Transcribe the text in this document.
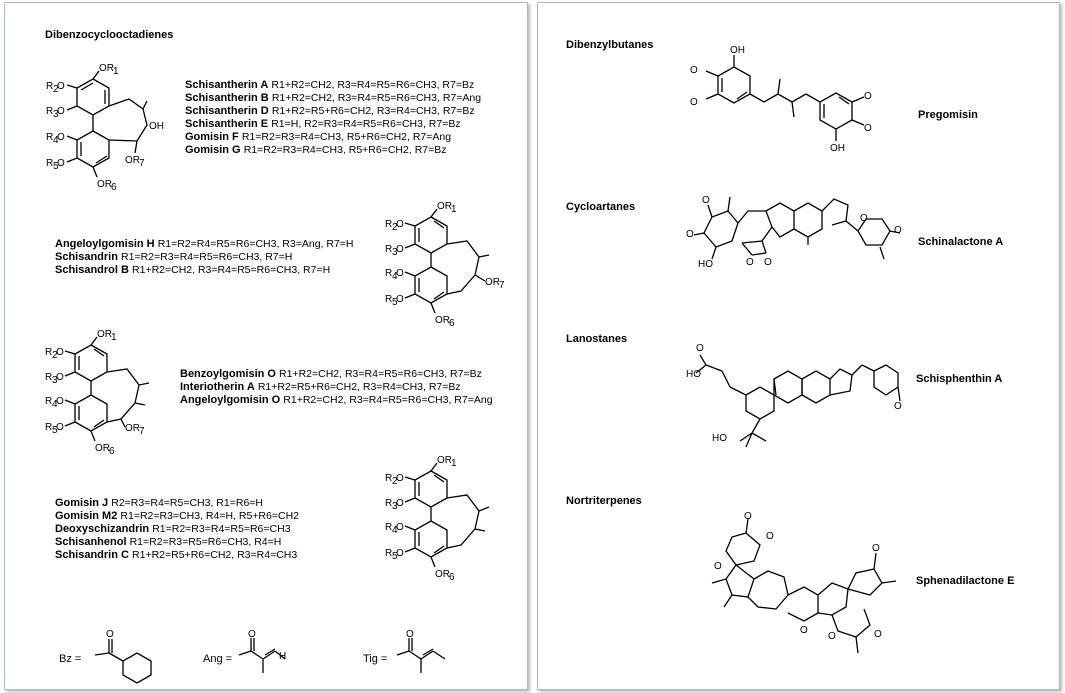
Dibenzocyclooctadienes
OR 1
R 2
O
R 3
O
R 4
O
R 5
O
OR 6
OR 7
OH
Schisantherin A R1+R2=CH2, R3=R4=R5=R6=CH3, R7=Bz
Schisantherin B R1+R2=CH2, R3=R4=R5=R6=CH3, R7=Ang
Schisantherin D R1+R2=R5+R6=CH2, R3=R4=CH3, R7=Bz
Schisantherin E R1=H, R2=R3=R4=R5=R6=CH3, R7=Bz
Gomisin F R1=R2=R3=R4=CH3, R5+R6=CH2, R7=Ang
Gomisin G R1=R2=R3=R4=CH3, R5+R6=CH2, R7=Bz
Angeloylgomisin H R1=R2=R4=R5=R6=CH3, R3=Ang, R7=H
Schisandrin R1=R2=R3=R4=R5=R6=CH3, R7=H
Schisandrol B R1+R2=CH2, R3=R4=R5=R6=CH3, R7=H
OR 1
R 2
O
R 3
O
R 4
O
R 5
O
OR 6
OR 7
OR 1
R 2
O
R 3
O
R 4
O
R 5
O
OR 6
OR 7
Benzoylgomisin O R1+R2=CH2, R3=R4=R5=R6=CH3, R7=Bz
Interiotherin A R1+R2=R5+R6=CH2, R3=R4=CH3, R7=Bz
Angeloylgomisin O R1+R2=CH2, R3=R4=R5=R6=CH3, R7=Ang
Gomisin J R2=R3=R4=R5=CH3, R1=R6=H
Gomisin M2 R1=R2=R3=CH3, R4=H, R5+R6=CH2
Deoxyschizandrin R1=R2=R3=R4=R5=R6=CH3
Schisanhenol R1=R2=R3=R5=R6=CH3, R4=H
Schisandrin C R1+R2=R5+R6=CH2, R3=R4=CH3
OR 1
R 2
O
R 3
O
R 4
O
R 5
O
OR 6
Bz =
O
Ang =
O
H	Tig =
O
Dibenzylbutanes
Cycloartanes
Lanostanes
Nortriterpenes
Pregomisin
Schinalactone A
Schisphenthin A
Sphenadilactone E
OH
O
O
O
O
OH
O
O
HO	O O
O
O
O
HO
HO
O
O
O
O
O
O
O
O
